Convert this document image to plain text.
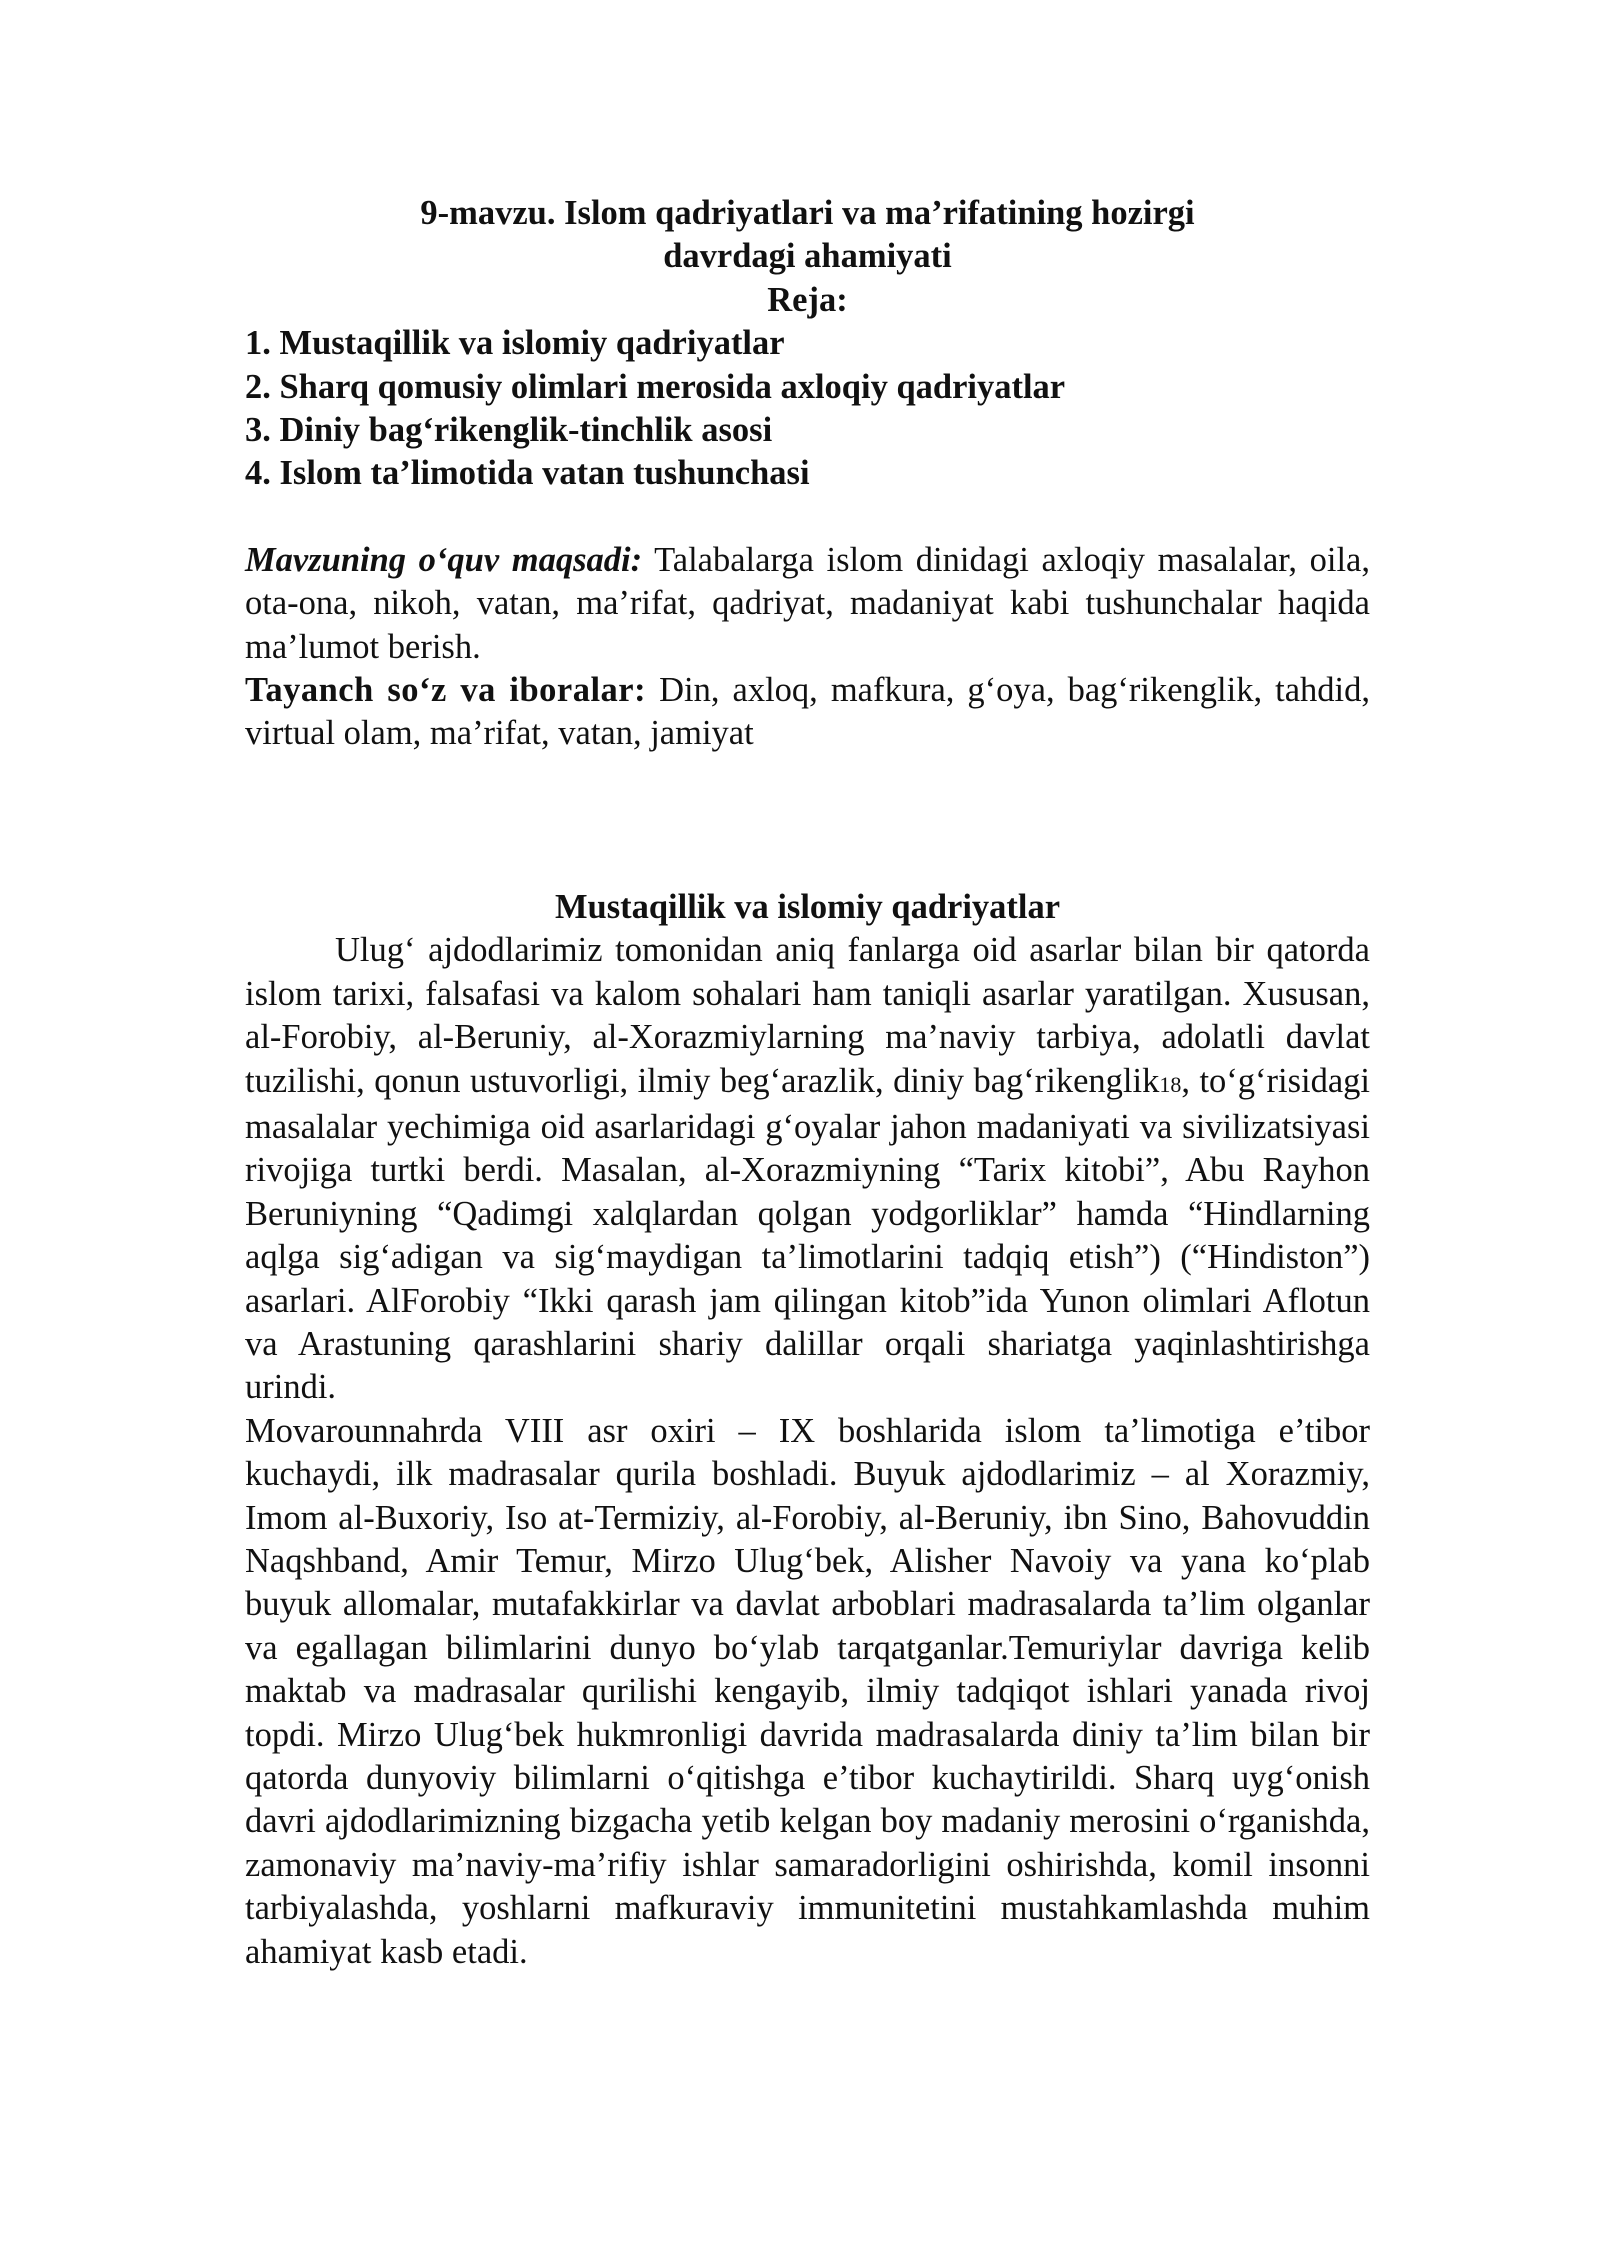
9-mavzu. Islom qadriyatlari va ma’rifatining hozirgi
davrdagi ahamiyati
Reja:
1. Mustaqillik va islomiy qadriyatlar
2. Sharq qomusiy olimlari merosida axloqiy qadriyatlar
3. Diniy bag‘rikenglik-tinchlik asosi
4. Islom ta’limotida vatan tushunchasi

Mavzuning o‘quv maqsadi: Talabalarga islom dinidagi axloqiy masalalar, oila, ota-ona, nikoh, vatan, ma’rifat, qadriyat, madaniyat kabi tushunchalar haqida ma’lumot berish.

Tayanch so‘z va iboralar: Din, axloq, mafkura, g‘oya, bag‘rikenglik, tahdid, virtual olam, ma’rifat, vatan, jamiyat

Mustaqillik va islomiy qadriyatlar

Ulug‘ ajdodlarimiz tomonidan aniq fanlarga oid asarlar bilan bir qatorda islom tarixi, falsafasi va kalom sohalari ham taniqli asarlar yaratilgan. Xususan, al-Forobiy, al-Beruniy, al-Xorazmiylarning ma’naviy tarbiya, adolatli davlat tuzilishi, qonun ustuvorligi, ilmiy beg‘arazlik, diniy bag‘rikenglik18, to‘g‘risidagi masalalar yechimiga oid asarlaridagi g‘oyalar jahon madaniyati va sivilizatsiyasi rivojiga turtki berdi. Masalan, al-Xorazmiyning “Tarix kitobi”, Abu Rayhon Beruniyning “Qadimgi xalqlardan qolgan yodgorliklar” hamda “Hindlarning aqlga sig‘adigan va sig‘maydigan ta’limotlarini tadqiq etish”) (“Hindiston”) asarlari. AlForobiy “Ikki qarash jam qilingan kitob”ida Yunon olimlari Aflotun va Arastuning qarashlarini shariy dalillar orqali shariatga yaqinlashtirishga urindi.

Movarounnahrda VIII asr oxiri – IX boshlarida islom ta’limotiga e’tibor kuchaydi, ilk madrasalar qurila boshladi. Buyuk ajdodlarimiz – al Xorazmiy, Imom al-Buxoriy, Iso at-Termiziy, al-Forobiy, al-Beruniy, ibn Sino, Bahovuddin Naqshband, Amir Temur, Mirzo Ulug‘bek, Alisher Navoiy va yana ko‘plab buyuk allomalar, mutafakkirlar va davlat arboblari madrasalarda ta’lim olganlar va egallagan bilimlarini dunyo bo‘ylab tarqatganlar.Temuriylar davriga kelib maktab va madrasalar qurilishi kengayib, ilmiy tadqiqot ishlari yanada rivoj topdi. Mirzo Ulug‘bek hukmronligi davrida madrasalarda diniy ta’lim bilan bir qatorda dunyoviy bilimlarni o‘qitishga e’tibor kuchaytirildi. Sharq uyg‘onish davri ajdodlarimizning bizgacha yetib kelgan boy madaniy merosini o‘rganishda, zamonaviy ma’naviy-ma’rifiy ishlar samaradorligini oshirishda, komil insonni tarbiyalashda, yoshlarni mafkuraviy immunitetini mustahkamlashda muhim ahamiyat kasb etadi.
